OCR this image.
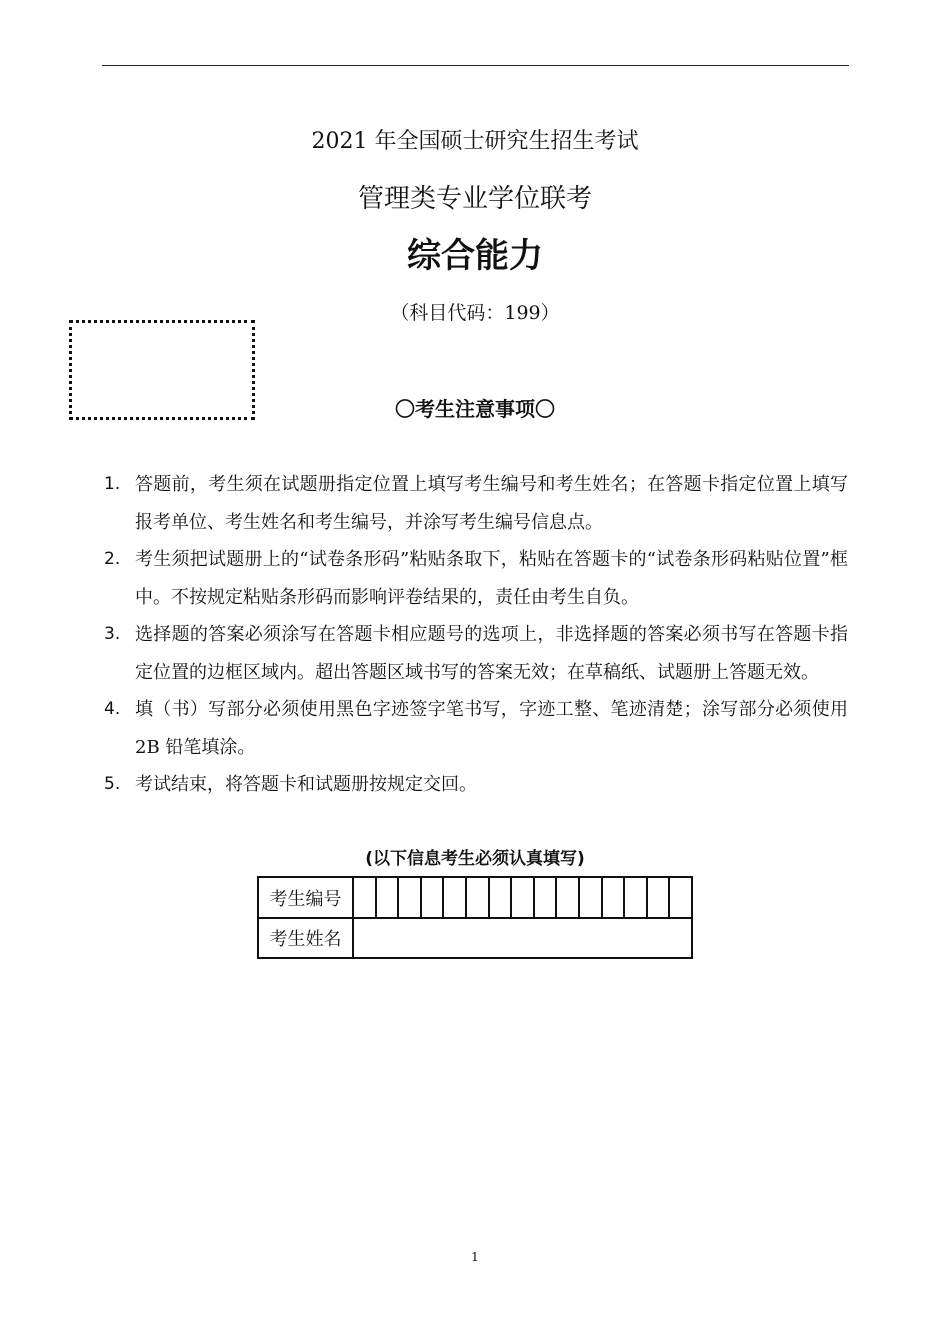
2021 年全国硕士研究生招生考试
管理类专业学位联考
综合能力
（科目代码：199）
〇考生注意事项〇
1. 答题前，考生须在试题册指定位置上填写考生编号和考生姓名；在答题卡指定位置上填写报考单位、考生姓名和考生编号，并涂写考生编号信息点。
2. 考生须把试题册上的“试卷条形码”粘贴条取下，粘贴在答题卡的“试卷条形码粘贴位置”框中。不按规定粘贴条形码而影响评卷结果的，责任由考生自负。
3. 选择题的答案必须涂写在答题卡相应题号的选项上，非选择题的答案必须书写在答题卡指定位置的边框区域内。超出答题区域书写的答案无效；在草稿纸、试题册上答题无效。
4. 填（书）写部分必须使用黑色字迹签字笔书写，字迹工整、笔迹清楚；涂写部分必须使用 2B 铅笔填涂。
5. 考试结束，将答题卡和试题册按规定交回。
(以下信息考生必须认真填写)
考生编号
考生姓名
1
